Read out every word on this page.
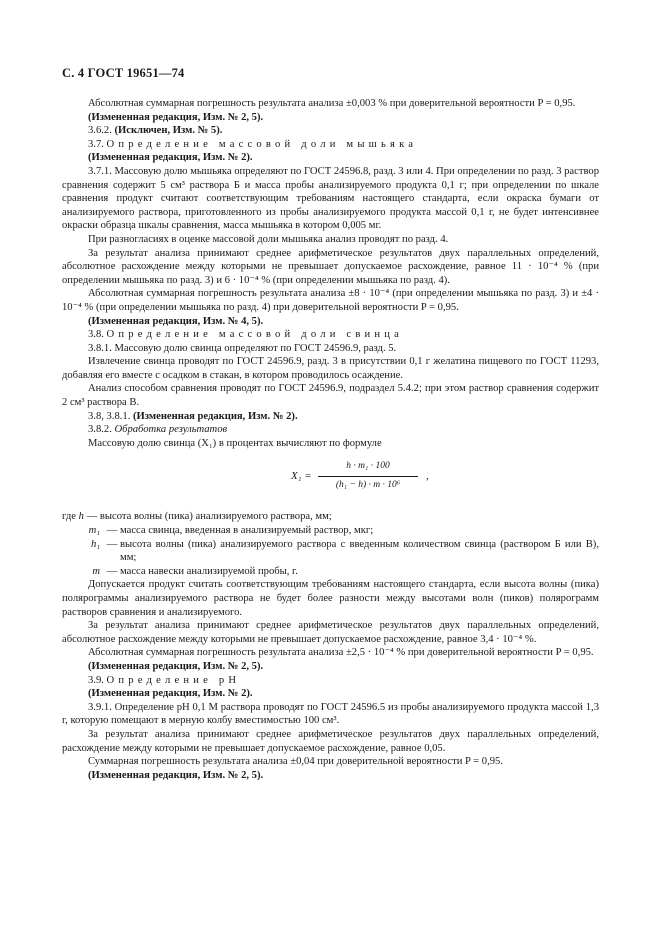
С. 4 ГОСТ 19651—74

Абсолютная суммарная погрешность результата анализа ±0,003 % при доверительной вероятности P = 0,95.

(Измененная редакция, Изм. № 2, 5).

3.6.2. (Исключен, Изм. № 5).

3.7. Определение массовой доли мышьяка

(Измененная редакция, Изм. № 2).

3.7.1. Массовую долю мышьяка определяют по ГОСТ 24596.8, разд. 3 или 4. При определении по разд. 3 раствор сравнения содержит 5 см³ раствора Б и масса пробы анализируемого продукта 0,1 г; при определении по шкале сравнения продукт считают соответствующим требованиям настоящего стандарта, если окраска бумаги от анализируемого раствора, приготовленного из пробы анализируемого продукта массой 0,1 г, не будет интенсивнее окраски образца шкалы сравнения, масса мышьяка в котором 0,005 мг.

При разногласиях в оценке массовой доли мышьяка анализ проводят по разд. 4.

За результат анализа принимают среднее арифметическое результатов двух параллельных определений, абсолютное расхождение между которыми не превышает допускаемое расхождение, равное 11 · 10⁻⁴ % (при определении мышьяка по разд. 3) и 6 · 10⁻⁴ % (при определении мышьяка по разд. 4).

Абсолютная суммарная погрешность результата анализа ±8 · 10⁻⁴ (при определении мышьяка по разд. 3) и ±4 · 10⁻⁴ % (при определении мышьяка по разд. 4) при доверительной вероятности P = 0,95.

(Измененная редакция, Изм. № 4, 5).

3.8. Определение массовой доли свинца

3.8.1. Массовую долю свинца определяют по ГОСТ 24596.9, разд. 5.

Извлечение свинца проводят по ГОСТ 24596.9, разд. 3 в присутствии 0,1 г желатина пищевого по ГОСТ 11293, добавляя его вместе с осадком в стакан, в котором проводилось осаждение.

Анализ способом сравнения проводят по ГОСТ 24596.9, подраздел 5.4.2; при этом раствор сравнения содержит 2 см³ раствора В.

3.8, 3.8.1. (Измененная редакция, Изм. № 2).

3.8.2. Обработка результатов

Массовую долю свинца (X₁) в процентах вычисляют по формуле

X₁ =
h · m₁ · 100
(h₁ − h) · m · 10⁶
,
где h — высота волны (пика) анализируемого раствора, мм;
m₁ — масса свинца, введенная в анализируемый раствор, мкг;
h₁ — высота волны (пика) анализируемого раствора с введенным количеством свинца (раствором Б или В), мм;
m — масса навески анализируемой пробы, г.

Допускается продукт считать соответствующим требованиям настоящего стандарта, если высота волны (пика) полярограммы анализируемого раствора не будет более разности между высотами волн (пиков) полярограмм растворов сравнения и анализируемого.

За результат анализа принимают среднее арифметическое результатов двух параллельных определений, абсолютное расхождение между которыми не превышает допускаемое расхождение, равное 3,4 · 10⁻⁴ %.

Абсолютная суммарная погрешность результата анализа ±2,5 · 10⁻⁴ % при доверительной вероятности P = 0,95.

(Измененная редакция, Изм. № 2, 5).

3.9. Определение рН

(Измененная редакция, Изм. № 2).

3.9.1. Определение рН 0,1 М раствора проводят по ГОСТ 24596.5 из пробы анализируемого продукта массой 1,3 г, которую помещают в мерную колбу вместимостью 100 см³.

За результат анализа принимают среднее арифметическое результатов двух параллельных определений, расхождение между которыми не превышает допускаемое расхождение, равное 0,05.

Суммарная погрешность результата анализа ±0,04 при доверительной вероятности P = 0,95.

(Измененная редакция, Изм. № 2, 5).
